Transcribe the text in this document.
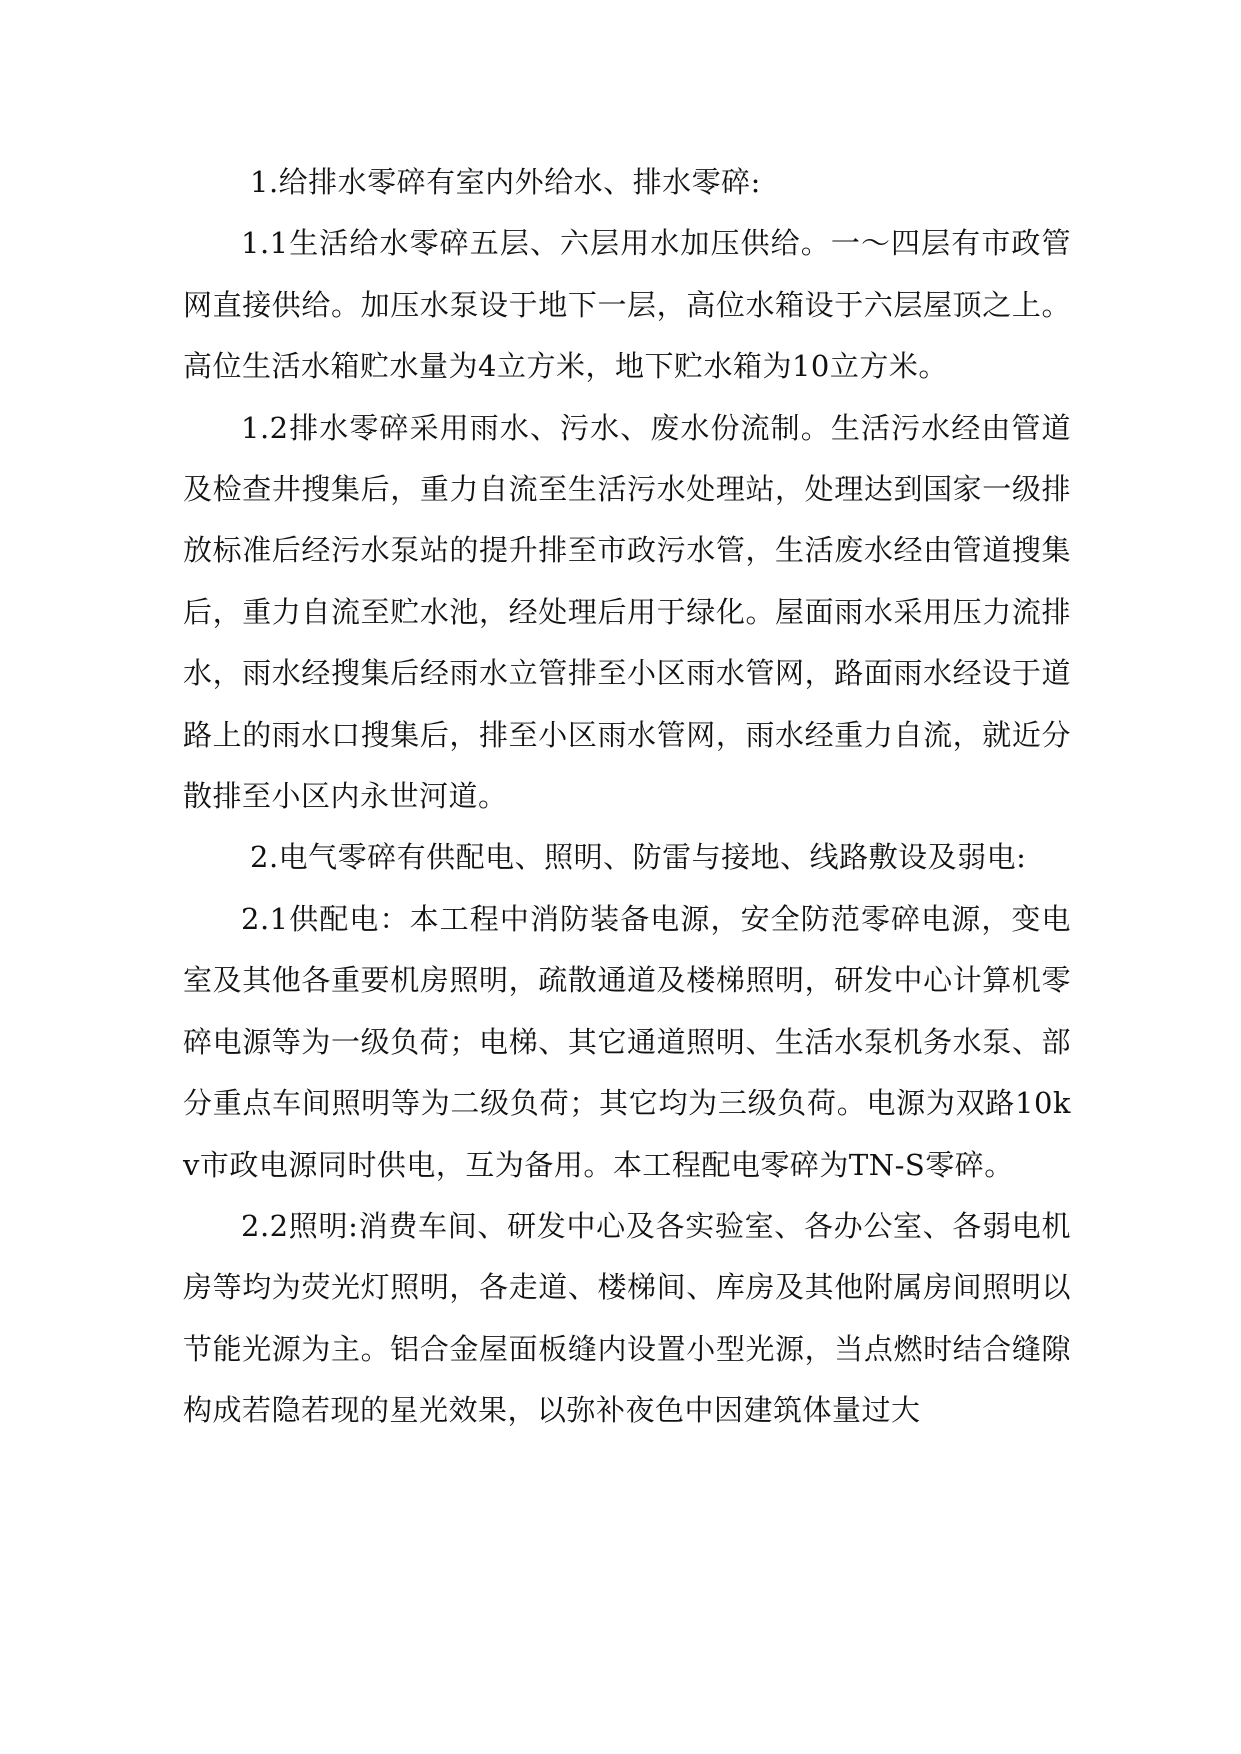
1.给排水零碎有室内外给水、排水零碎:

1.1生活给水零碎五层、六层用水加压供给。一～四层有市政管网直接供给。加压水泵设于地下一层，高位水箱设于六层屋顶之上。高位生活水箱贮水量为4立方米，地下贮水箱为10立方米。

1.2排水零碎采用雨水、污水、废水份流制。生活污水经由管道及检查井搜集后，重力自流至生活污水处理站，处理达到国家一级排放标准后经污水泵站的提升排至市政污水管，生活废水经由管道搜集后，重力自流至贮水池，经处理后用于绿化。屋面雨水采用压力流排水，雨水经搜集后经雨水立管排至小区雨水管网，路面雨水经设于道路上的雨水口搜集后，排至小区雨水管网，雨水经重力自流，就近分散排至小区内永世河道。

2.电气零碎有供配电、照明、防雷与接地、线路敷设及弱电:

2.1供配电：本工程中消防装备电源，安全防范零碎电源，变电室及其他各重要机房照明，疏散通道及楼梯照明，研发中心计算机零碎电源等为一级负荷；电梯、其它通道照明、生活水泵机务水泵、部分重点车间照明等为二级负荷；其它均为三级负荷。电源为双路10kv市政电源同时供电，互为备用。本工程配电零碎为TN-S零碎。

2.2照明:消费车间、研发中心及各实验室、各办公室、各弱电机房等均为荧光灯照明，各走道、楼梯间、库房及其他附属房间照明以节能光源为主。铝合金屋面板缝内设置小型光源，当点燃时结合缝隙构成若隐若现的星光效果，以弥补夜色中因建筑体量过大
